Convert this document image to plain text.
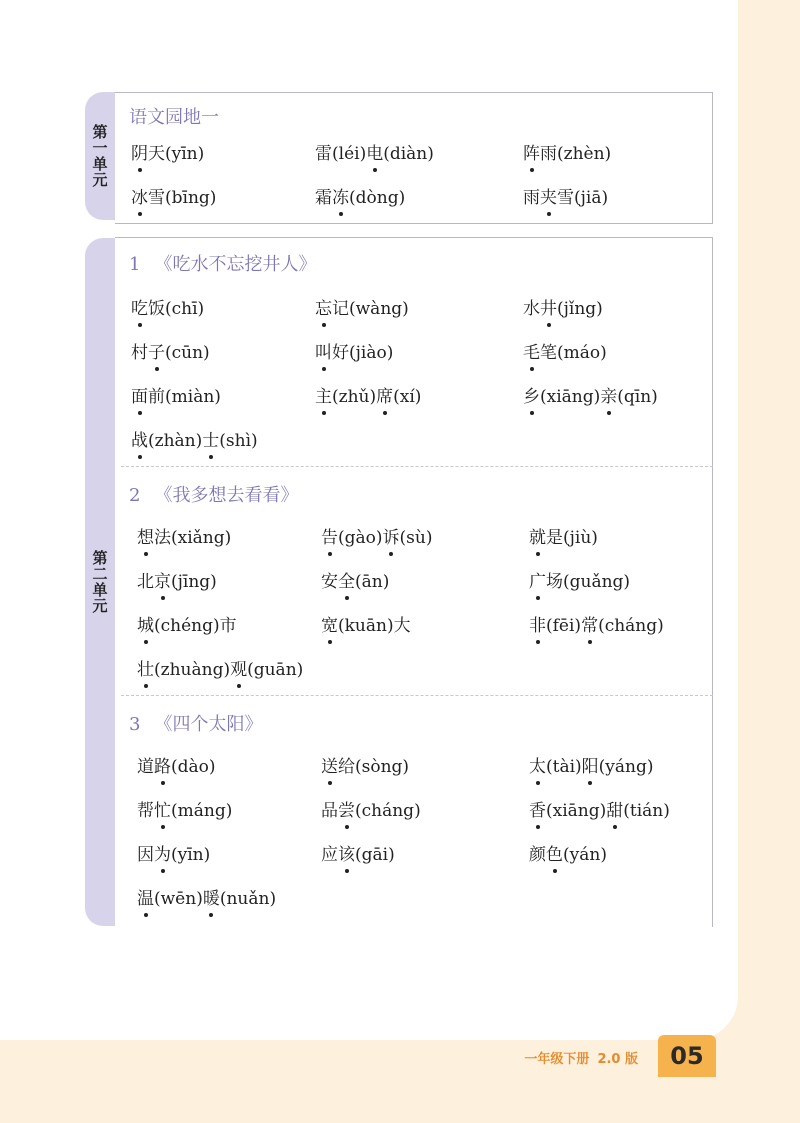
第一单元
第二单元
语文园地一
阴天(yīn)	雷(léi)电(diàn)	阵雨(zhèn)
冰雪(bīng)	霜冻(dòng)	雨夹雪(jiā)
1 《吃水不忘挖井人》
吃饭(chī)	忘记(wàng)	水井(jǐng)
村子(cūn)	叫好(jiào)	毛笔(máo)
面前(miàn)	主(zhǔ)席(xí)	乡(xiāng)亲(qīn)
战(zhàn)士(shì)
2 《我多想去看看》
想法(xiǎng)	告(gào)诉(sù)	就是(jiù)
北京(jīng)	安全(ān)	广场(guǎng)
城(chéng)市	宽(kuān)大	非(fēi)常(cháng)
壮(zhuàng)观(guān)
3 《四个太阳》
道路(dào)	送给(sòng)	太(tài)阳(yáng)
帮忙(máng)	品尝(cháng)	香(xiāng)甜(tián)
因为(yīn)	应该(gāi)	颜色(yán)
温(wēn)暖(nuǎn)
一年级下册 2.0 版	05
